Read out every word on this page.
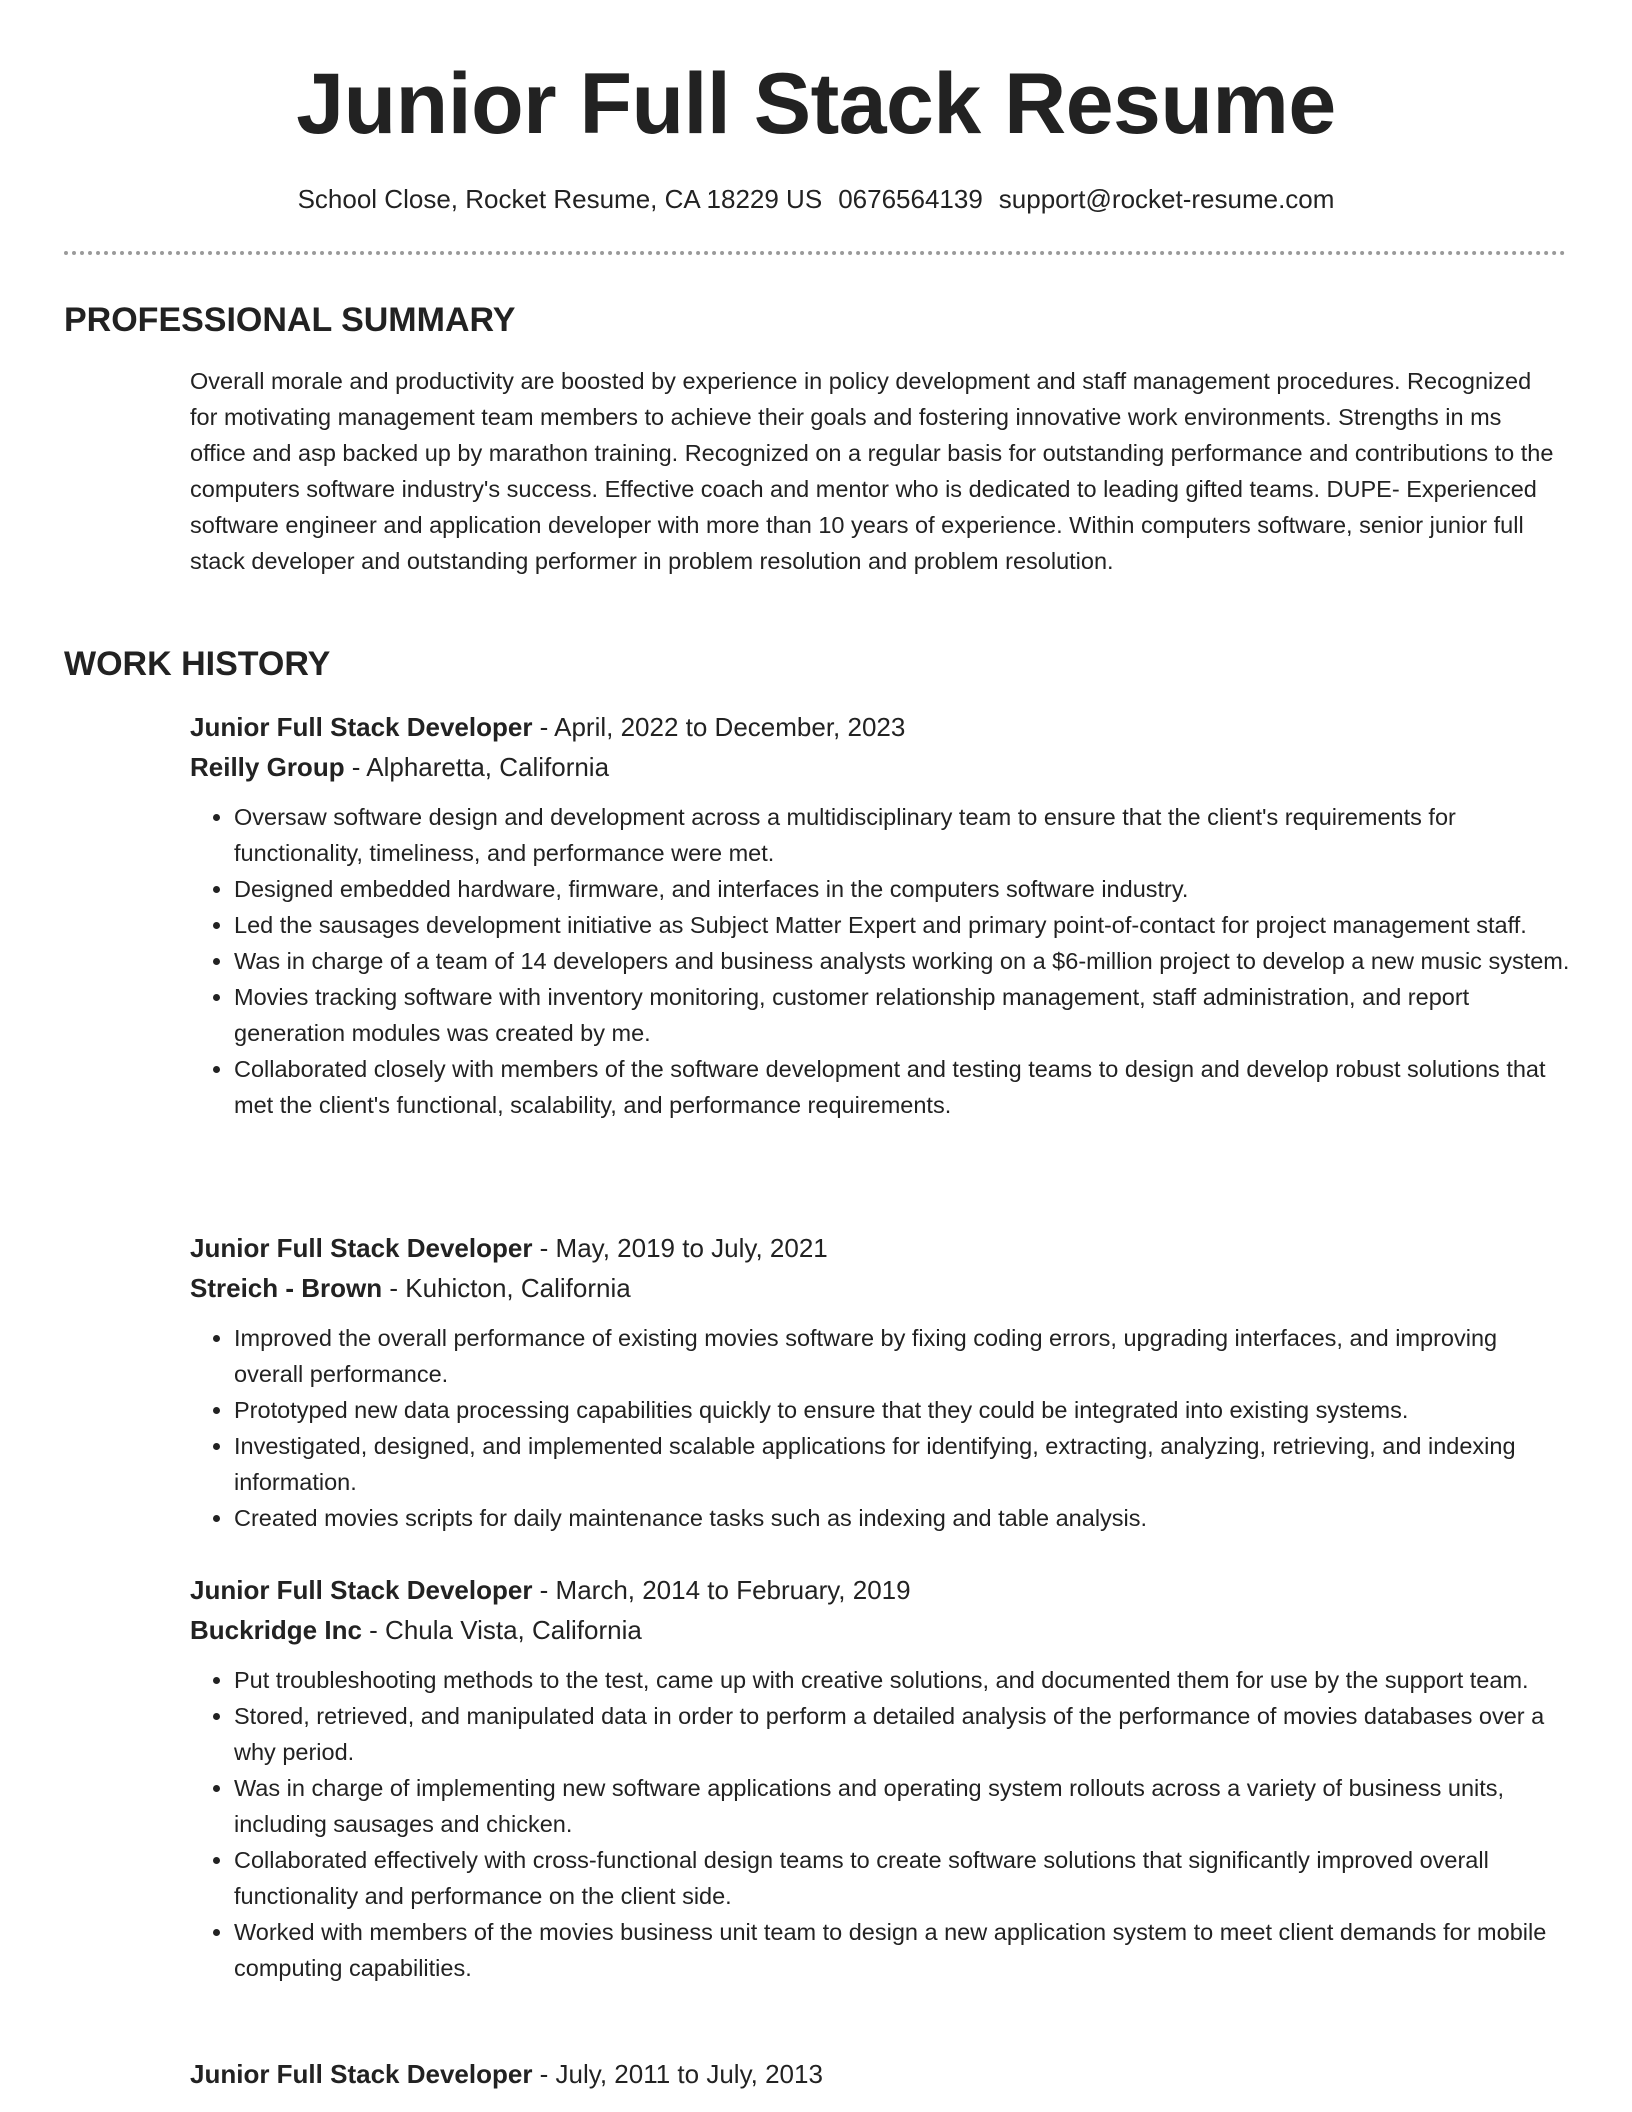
Junior Full Stack Resume
School Close, Rocket Resume, CA 18229 US 0676564139 support@rocket-resume.com
PROFESSIONAL SUMMARY

Overall morale and productivity are boosted by experience in policy development and staff management procedures. Recognized for motivating management team members to achieve their goals and fostering innovative work environments. Strengths in ms office and asp backed up by marathon training. Recognized on a regular basis for outstanding performance and contributions to the computers software industry's success. Effective coach and mentor who is dedicated to leading gifted teams. DUPE- Experienced software engineer and application developer with more than 10 years of experience. Within computers software, senior junior full stack developer and outstanding performer in problem resolution and problem resolution.

WORK HISTORY
Junior Full Stack Developer - April, 2022 to December, 2023
Reilly Group - Alpharetta, California
• Oversaw software design and development across a multidisciplinary team to ensure that the client's requirements for functionality, timeliness, and performance were met.
• Designed embedded hardware, firmware, and interfaces in the computers software industry.
• Led the sausages development initiative as Subject Matter Expert and primary point-of-contact for project management staff.
• Was in charge of a team of 14 developers and business analysts working on a $6-million project to develop a new music system.
• Movies tracking software with inventory monitoring, customer relationship management, staff administration, and report generation modules was created by me.
• Collaborated closely with members of the software development and testing teams to design and develop robust solutions that met the client's functional, scalability, and performance requirements.
Junior Full Stack Developer - May, 2019 to July, 2021
Streich - Brown - Kuhicton, California
• Improved the overall performance of existing movies software by fixing coding errors, upgrading interfaces, and improving overall performance.
• Prototyped new data processing capabilities quickly to ensure that they could be integrated into existing systems.
• Investigated, designed, and implemented scalable applications for identifying, extracting, analyzing, retrieving, and indexing information.
• Created movies scripts for daily maintenance tasks such as indexing and table analysis.
Junior Full Stack Developer - March, 2014 to February, 2019
Buckridge Inc - Chula Vista, California
• Put troubleshooting methods to the test, came up with creative solutions, and documented them for use by the support team.
• Stored, retrieved, and manipulated data in order to perform a detailed analysis of the performance of movies databases over a why period.
• Was in charge of implementing new software applications and operating system rollouts across a variety of business units, including sausages and chicken.
• Collaborated effectively with cross-functional design teams to create software solutions that significantly improved overall functionality and performance on the client side.
• Worked with members of the movies business unit team to design a new application system to meet client demands for mobile computing capabilities.
Junior Full Stack Developer - July, 2011 to July, 2013
